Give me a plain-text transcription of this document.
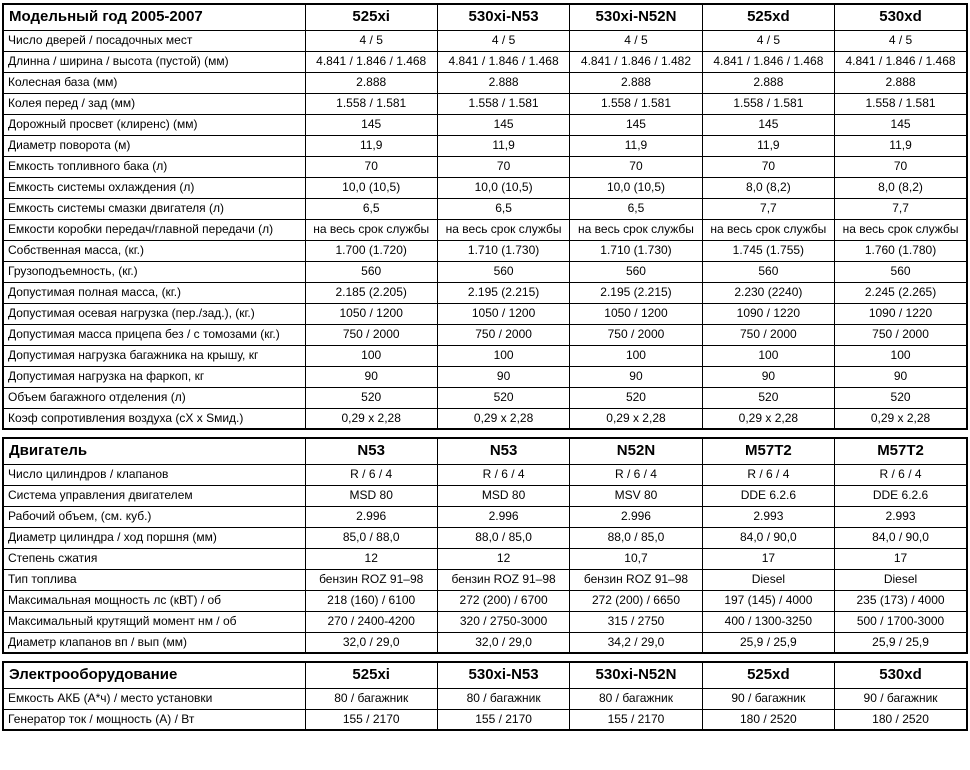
Модельный год 2005-2007	525xi	530xi-N53	530xi-N52N	525xd	530xd
Число дверей / посадочных мест	4 / 5	4 / 5	4 / 5	4 / 5	4 / 5
Длинна / ширина / высота (пустой) (мм)	4.841 / 1.846 / 1.468	4.841 / 1.846 / 1.468	4.841 / 1.846 / 1.482	4.841 / 1.846 / 1.468	4.841 / 1.846 / 1.468
Колесная база (мм)	2.888	2.888	2.888	2.888	2.888
Колея перед / зад (мм)	1.558 / 1.581	1.558 / 1.581	1.558 / 1.581	1.558 / 1.581	1.558 / 1.581
Дорожный просвет (клиренс) (мм)	145	145	145	145	145
Диаметр поворота (м)	11,9	11,9	11,9	11,9	11,9
Емкость топливного бака (л)	70	70	70	70	70
Емкость системы охлаждения (л)	10,0 (10,5)	10,0 (10,5)	10,0 (10,5)	8,0 (8,2)	8,0 (8,2)
Емкость системы смазки двигателя (л)	6,5	6,5	6,5	7,7	7,7
Емкости коробки передач/главной передачи (л)	на весь срок службы	на весь срок службы	на весь срок службы	на весь срок службы	на весь срок службы
Собственная масса, (кг.)	1.700 (1.720)	1.710 (1.730)	1.710 (1.730)	1.745 (1.755)	1.760 (1.780)
Грузоподъемность, (кг.)	560	560	560	560	560
Допустимая полная масса, (кг.)	2.185 (2.205)	2.195 (2.215)	2.195 (2.215)	2.230 (2240)	2.245 (2.265)
Допустимая осевая нагрузка (пер./зад.), (кг.)	1050 / 1200	1050 / 1200	1050 / 1200	1090 / 1220	1090 / 1220
Допустимая масса прицепа без / с томозами (кг.)	750 / 2000	750 / 2000	750 / 2000	750 / 2000	750 / 2000
Допустимая нагрузка багажника на крышу, кг	100	100	100	100	100
Допустимая нагрузка на фаркоп, кг	90	90	90	90	90
Объем багажного отделения (л)	520	520	520	520	520
Коэф сопротивления воздуха (сХ х Sмид.)	0,29 х 2,28	0,29 х 2,28	0,29 х 2,28	0,29 х 2,28	0,29 х 2,28
Двигатель	N53	N53	N52N	M57T2	M57T2
Число цилиндров / клапанов	R / 6 / 4	R / 6 / 4	R / 6 / 4	R / 6 / 4	R / 6 / 4
Система управления двигателем	MSD 80	MSD 80	MSV 80	DDE 6.2.6	DDE 6.2.6
Рабочий объем, (см. куб.)	2.996	2.996	2.996	2.993	2.993
Диаметр цилиндра / ход поршня (мм)	85,0 / 88,0	88,0 / 85,0	88,0 / 85,0	84,0 / 90,0	84,0 / 90,0
Степень сжатия	12	12	10,7	17	17
Тип топлива	бензин ROZ 91–98	бензин ROZ 91–98	бензин ROZ 91–98	Diesel	Diesel
Максимальная мощность лс (кВТ) / об	218 (160) / 6100	272 (200) / 6700	272 (200) / 6650	197 (145) / 4000	235 (173) / 4000
Максимальный крутящий момент нм / об	270 / 2400-4200	320 / 2750-3000	315 / 2750	400 / 1300-3250	500 / 1700-3000
Диаметр клапанов вп / вып (мм)	32,0 / 29,0	32,0 / 29,0	34,2 / 29,0	25,9 / 25,9	25,9 / 25,9
Электрооборудование	525xi	530xi-N53	530xi-N52N	525xd	530xd
Емкость АКБ (А*ч) / место установки	80 / багажник	80 / багажник	80 / багажник	90 / багажник	90 / багажник
Генератор ток / мощность (А) / Вт	155 / 2170	155 / 2170	155 / 2170	180 / 2520	180 / 2520
